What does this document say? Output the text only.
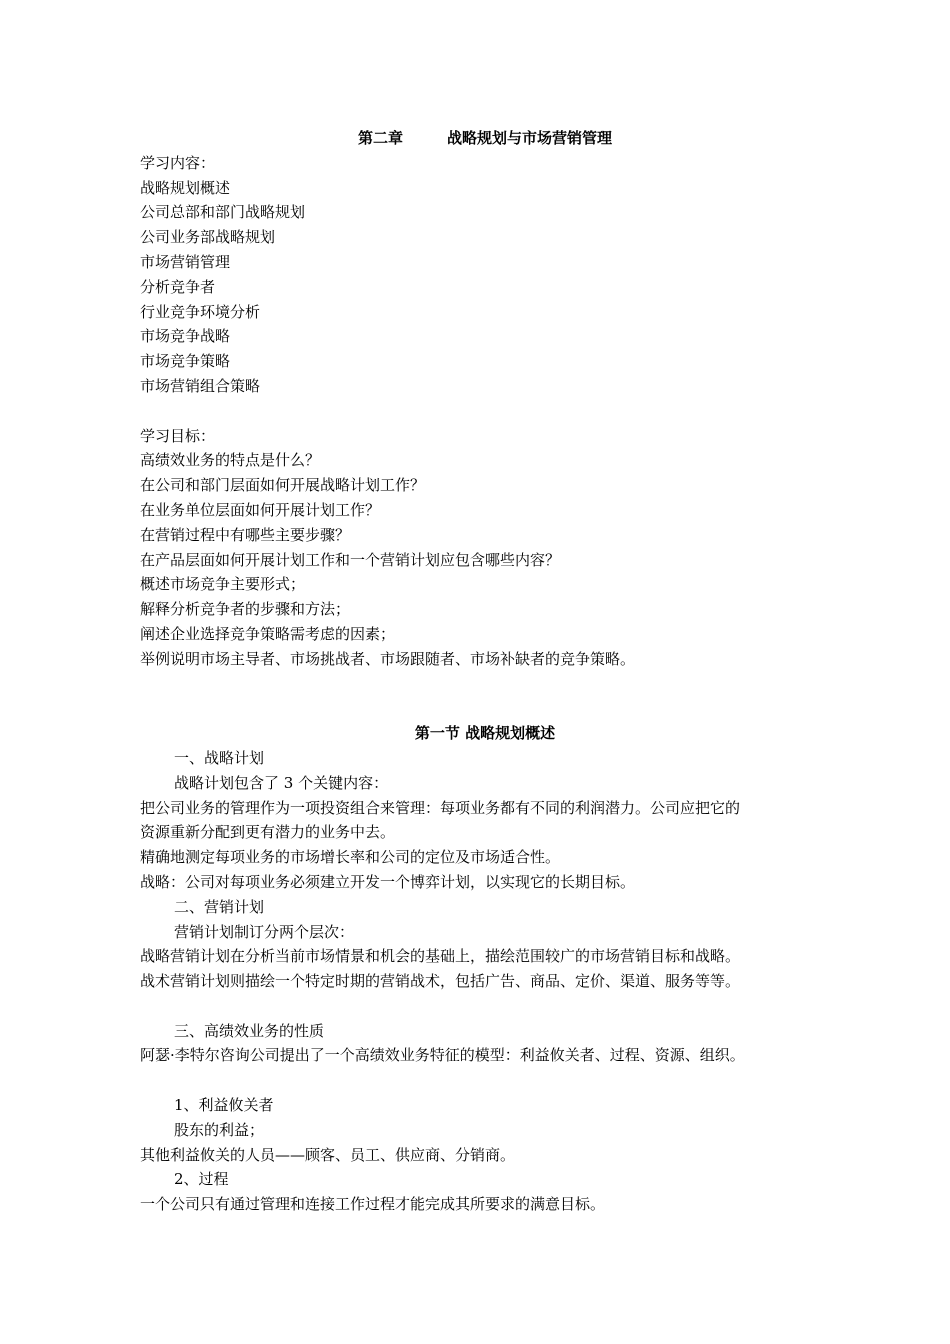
第二章	战略规划与市场营销管理
学习内容：
战略规划概述
公司总部和部门战略规划
公司业务部战略规划
市场营销管理
分析竞争者
行业竞争环境分析
市场竞争战略
市场竞争策略
市场营销组合策略
学习目标：
高绩效业务的特点是什么？
在公司和部门层面如何开展战略计划工作？
在业务单位层面如何开展计划工作？
在营销过程中有哪些主要步骤？
在产品层面如何开展计划工作和一个营销计划应包含哪些内容？
概述市场竞争主要形式；
解释分析竞争者的步骤和方法；
阐述企业选择竞争策略需考虑的因素；
举例说明市场主导者、市场挑战者、市场跟随者、市场补缺者的竞争策略。
第一节 战略规划概述
一、战略计划
战略计划包含了 3 个关键内容：
把公司业务的管理作为一项投资组合来管理：每项业务都有不同的利润潜力。公司应把它的
资源重新分配到更有潜力的业务中去。
精确地测定每项业务的市场增长率和公司的定位及市场适合性。
战略：公司对每项业务必须建立开发一个博弈计划，以实现它的长期目标。
二、营销计划
营销计划制订分两个层次：
战略营销计划在分析当前市场情景和机会的基础上，描绘范围较广的市场营销目标和战略。
战术营销计划则描绘一个特定时期的营销战术，包括广告、商品、定价、渠道、服务等等。
三、高绩效业务的性质
阿瑟·李特尔咨询公司提出了一个高绩效业务特征的模型：利益攸关者、过程、资源、组织。
1、利益攸关者
股东的利益；
其他利益攸关的人员——顾客、员工、供应商、分销商。
2、过程
一个公司只有通过管理和连接工作过程才能完成其所要求的满意目标。
